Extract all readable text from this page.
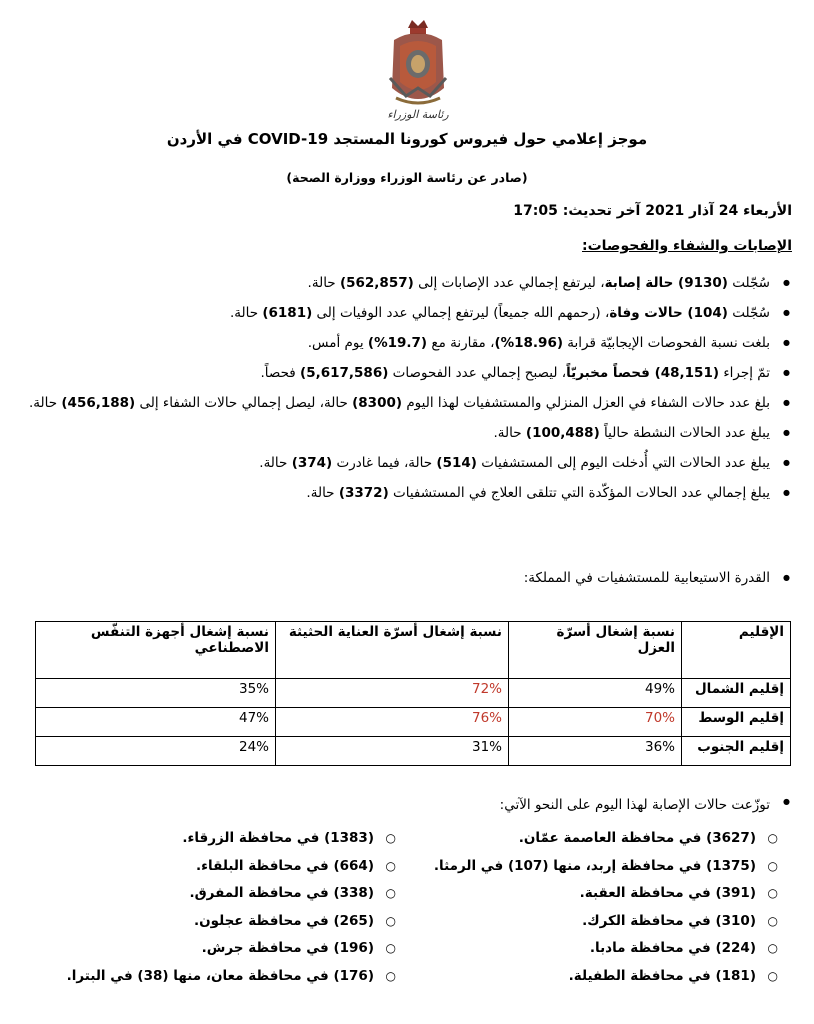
رئاسة الوزراء
موجز إعلامي حول فيروس كورونا المستجد COVID-19 في الأردن
(صادر عن رئاسة الوزراء ووزارة الصحة)
الأربعاء 24 آذار 2021 آخر تحديث: 17:05
الإصابات والشفاء والفحوصات:
● سُجّلت (9130) حالة إصابة، ليرتفع إجمالي عدد الإصابات إلى (562,857) حالة.
● سُجّلت (104) حالات وفاة، (رحمهم الله جميعاً) ليرتفع إجمالي عدد الوفيات إلى (6181) حالة.
● بلغت نسبة الفحوصات الإيجابيّة قرابة (18.96%)، مقارنة مع (19.7%) يوم أمس.
● تمّ إجراء (48,151) فحصاً مخبريّاً، ليصبح إجمالي عدد الفحوصات (5,617,586) فحصاً.
● بلغ عدد حالات الشفاء في العزل المنزلي والمستشفيات لهذا اليوم (8300) حالة، ليصل إجمالي حالات الشفاء إلى (456,188) حالة.
● يبلغ عدد الحالات النشطة حالياً (100,488) حالة.
● يبلغ عدد الحالات التي أُدخلت اليوم إلى المستشفيات (514) حالة، فيما غادرت (374) حالة.
● يبلغ إجمالي عدد الحالات المؤكّدة التي تتلقى العلاج في المستشفيات (3372) حالة.
● القدرة الاستيعابية للمستشفيات في المملكة:
الإقليم	نسبة إشغال أسرّة العزل	نسبة إشغال أسرّة العناية الحثيثة	نسبة إشغال أجهزة التنفّس الاصطناعي
إقليم الشمال	49%	72%	35%
إقليم الوسط	70%	76%	47%
إقليم الجنوب	36%	31%	24%
● توزّعت حالات الإصابة لهذا اليوم على النحو الآتي:
○ (3627) في محافظة العاصمة عمّان.
○ (1375) في محافظة إربد، منها (107) في الرمثا.
○ (391) في محافظة العقبة.
○ (310) في محافظة الكرك.
○ (224) في محافظة مادبا.
○ (181) في محافظة الطفيلة.
○ (1383) في محافظة الزرقاء.
○ (664) في محافظة البلقاء.
○ (338) في محافظة المفرق.
○ (265) في محافظة عجلون.
○ (196) في محافظة جرش.
○ (176) في محافظة معان، منها (38) في البترا.
